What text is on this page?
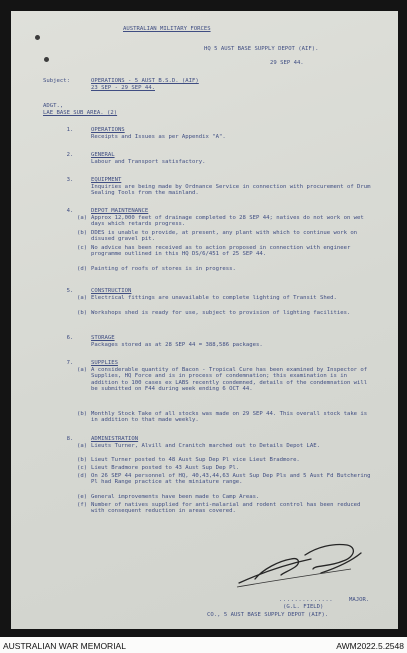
AUSTRALIAN MILITARY FORCES
HQ 5 AUST BASE SUPPLY DEPOT (AIF).
29 SEP 44.
Subject:	OPERATIONS - 5 AUST B.S.D. (AIF)
23 SEP - 29 SEP 44.
ADGT.,
LAE BASE SUB AREA. (2)
1.	OPERATIONS
Receipts and Issues as per Appendix "A".
2.	GENERAL
Labour and Transport satisfactory.
3.	EQUIPMENT
Inquiries are being made by Ordnance Service in connection with procurement of Drum Sealing Tools from the mainland.
4.	DEPOT MAINTENANCE
(a) Approx 12,000 feet of drainage completed to 28 SEP 44; natives do not work on wet days which retards progress.
(b) DDES is unable to provide, at present, any plant with which to continue work on disused gravel pit.
(c) No advice has been received as to action proposed in connection with engineer programme outlined in this HQ DS/6/451 of 25 SEP 44.
(d) Painting of roofs of stores is in progress.
5.	CONSTRUCTION
(a) Electrical fittings are unavailable to complete lighting of Transit Shed.
(b) Workshops shed is ready for use, subject to provision of lighting facilities.
6.	STORAGE
Packages stored as at 28 SEP 44 = 388,586 packages.
7.	SUPPLIES
(a) A considerable quantity of Bacon - Tropical Cure has been examined by Inspector of Supplies, HQ Force and is in process of condemnation; this examination is in addition to 100 cases ex LABS recently condemned, details of the condemnation will be submitted on F44 during week ending 6 OCT 44.
(b) Monthly Stock Take of all stocks was made on 29 SEP 44. This overall stock take is in addition to that made weekly.
8.	ADMINISTRATION
(a) Lieuts Turner, Alvill and Cranitch marched out to Details Depot LAE.
(b) Lieut Turner posted to 48 Aust Sup Dep Pl vice Lieut Bradmore.
(c) Lieut Bradmore posted to 43 Aust Sup Dep Pl.
(d) On 26 SEP 44 personnel of HQ, 40,43,44,63 Aust Sup Dep Pls and 5 Aust Fd Butchering Pl had Range practice at the miniature range.
(e) General improvements have been made to Camp Areas.
(f) Number of natives supplied for anti-malarial and rodent control has been reduced with consequent reduction in areas covered.
..............	MAJOR.
(G.L. FIELD)
CO., 5 AUST BASE SUPPLY DEPOT (AIF).
AUSTRALIAN WAR MEMORIAL	AWM2022.5.2548
